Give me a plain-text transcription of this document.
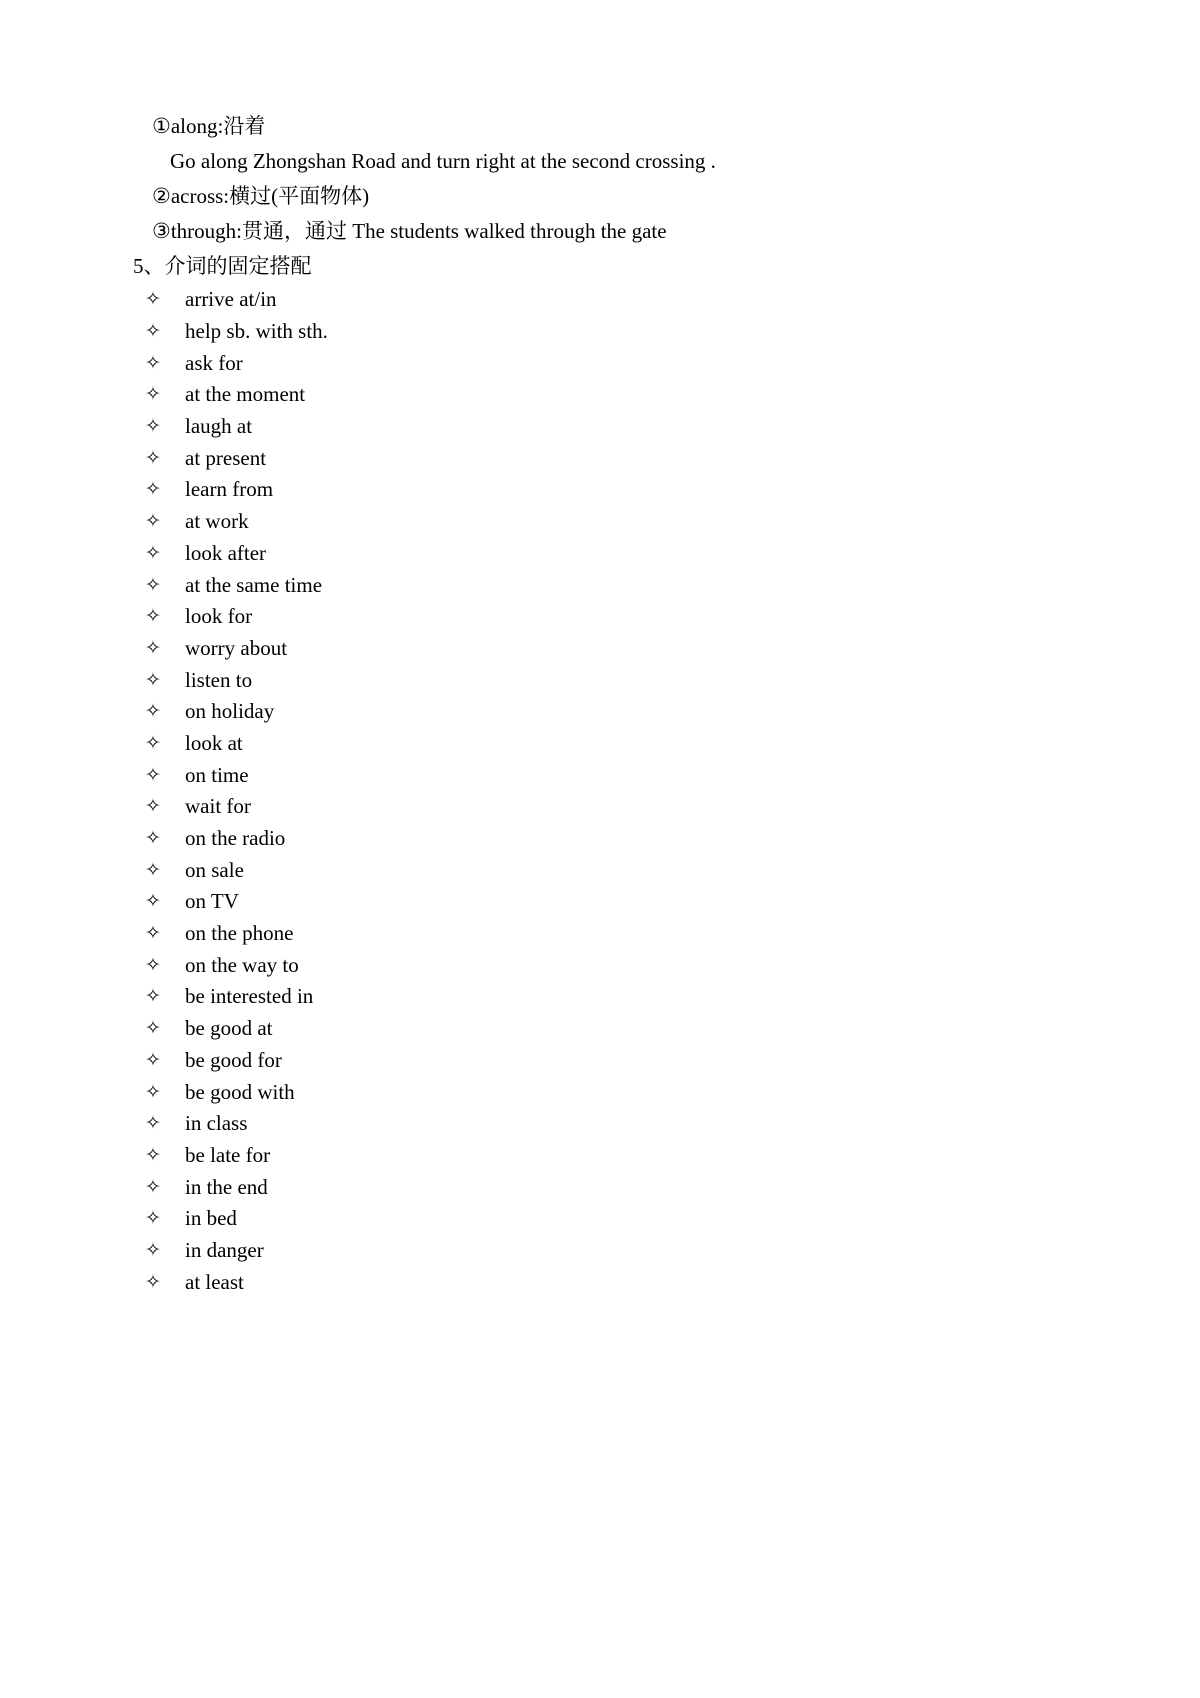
①along:沿着

Go along Zhongshan Road and turn right at the second crossing .

②across:横过(平面物体)

③through:贯通，通过 The students walked through the gate

5、介词的固定搭配

✧	arrive at/in
✧	help sb. with sth.
✧	ask for
✧	at the moment
✧	laugh at
✧	at present
✧	learn from
✧	at work
✧	look after
✧	at the same time
✧	look for
✧	worry about
✧	listen to
✧	on holiday
✧	look at
✧	on time
✧	wait for
✧	on the radio
✧	on sale
✧	on TV
✧	on the phone
✧	on the way to
✧	be interested in
✧	be good at
✧	be good for
✧	be good with
✧	in class
✧	be late for
✧	in the end
✧	in bed
✧	in danger
✧	at least
